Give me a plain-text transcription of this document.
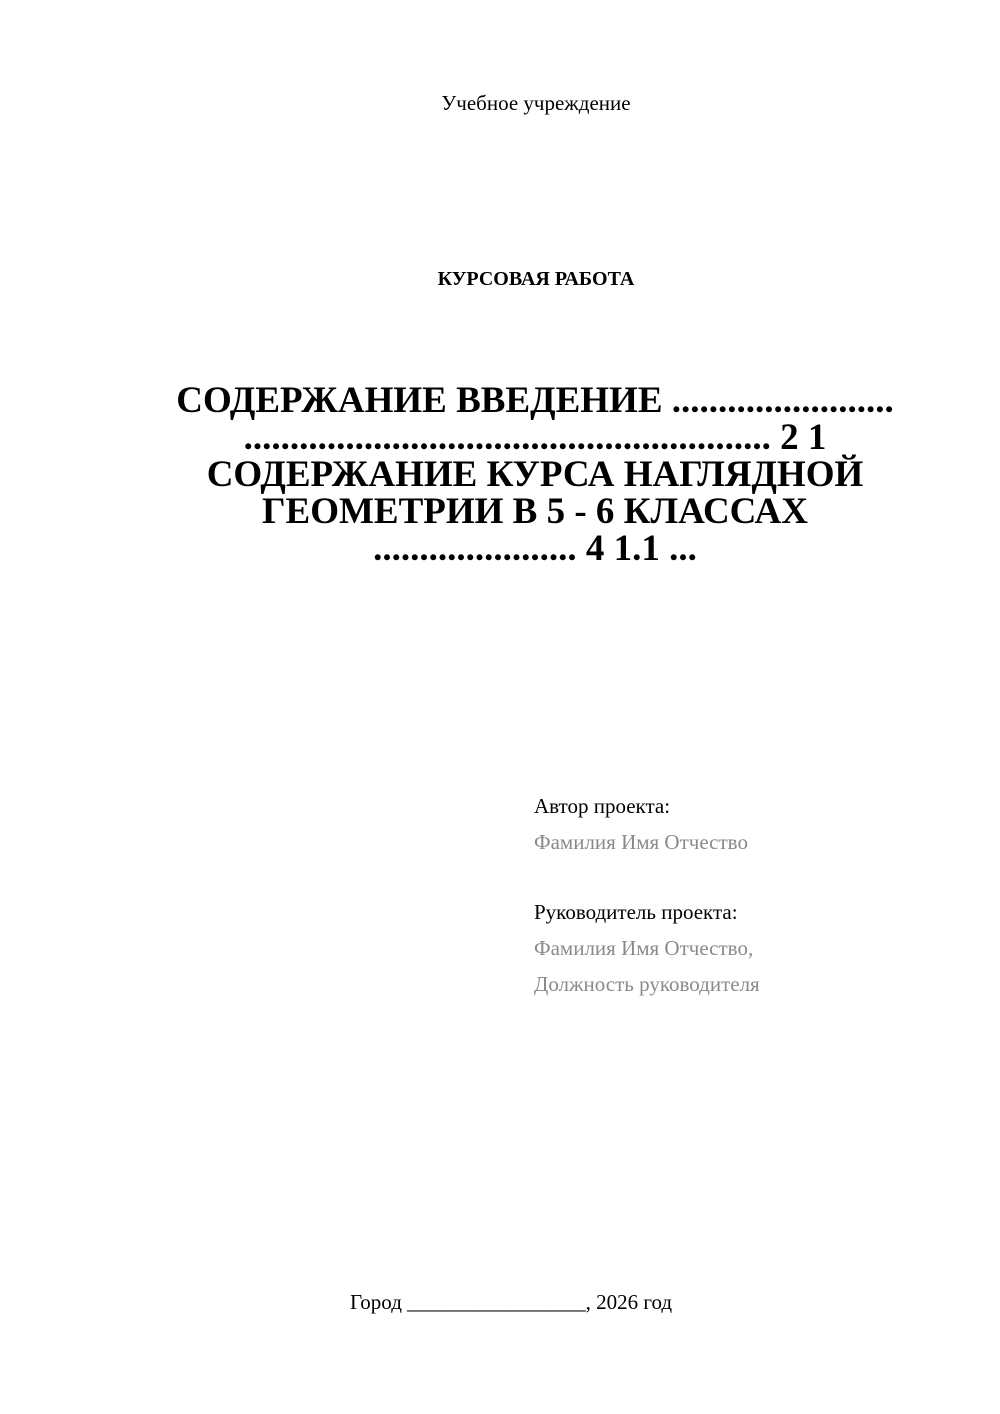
Учебное учреждение
КУРСОВАЯ РАБОТА
СОДЕРЖАНИЕ ВВЕДЕНИЕ ........................
......................................................... 2 1
СОДЕРЖАНИЕ КУРСА НАГЛЯДНОЙ
ГЕОМЕТРИИ В 5 - 6 КЛАССАХ
...................... 4 1.1 ...
Автор проекта:
Фамилия Имя Отчество
Руководитель проекта:
Фамилия Имя Отчество,
Должность руководителя
Город _________________, 2026 год
